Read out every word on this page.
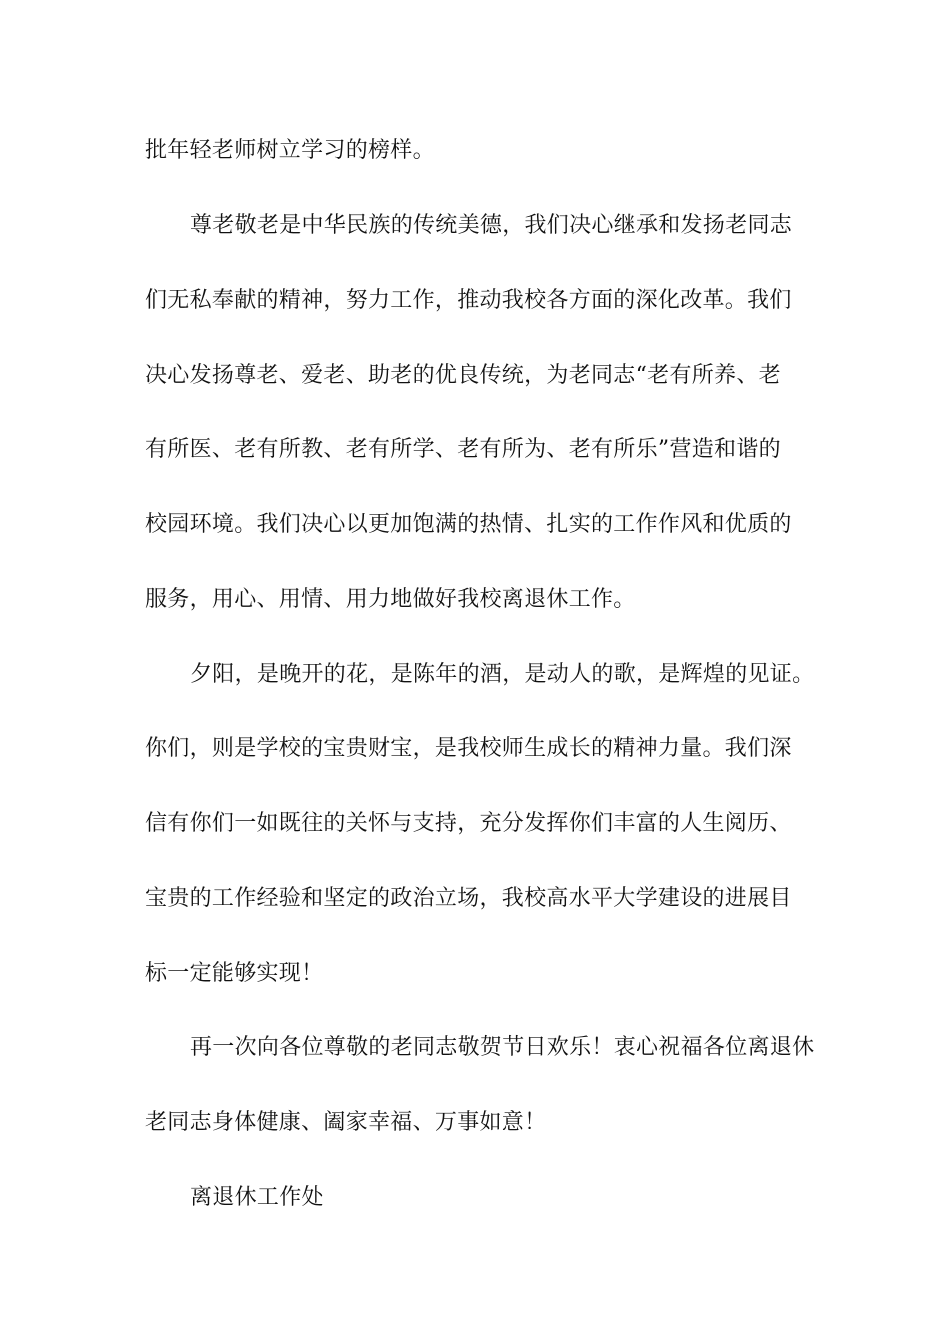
批年轻老师树立学习的榜样。
尊老敬老是中华民族的传统美德，我们决心继承和发扬老同志
们无私奉献的精神，努力工作，推动我校各方面的深化改革。我们
决心发扬尊老、爱老、助老的优良传统，为老同志“老有所养、老
有所医、老有所教、老有所学、老有所为、老有所乐”营造和谐的
校园环境。我们决心以更加饱满的热情、扎实的工作作风和优质的
服务，用心、用情、用力地做好我校离退休工作。
夕阳，是晚开的花，是陈年的酒，是动人的歌，是辉煌的见证。
你们，则是学校的宝贵财宝，是我校师生成长的精神力量。我们深
信有你们一如既往的关怀与支持，充分发挥你们丰富的人生阅历、
宝贵的工作经验和坚定的政治立场，我校高水平大学建设的进展目
标一定能够实现！
再一次向各位尊敬的老同志敬贺节日欢乐！衷心祝福各位离退休
老同志身体健康、阖家幸福、万事如意！
离退休工作处
